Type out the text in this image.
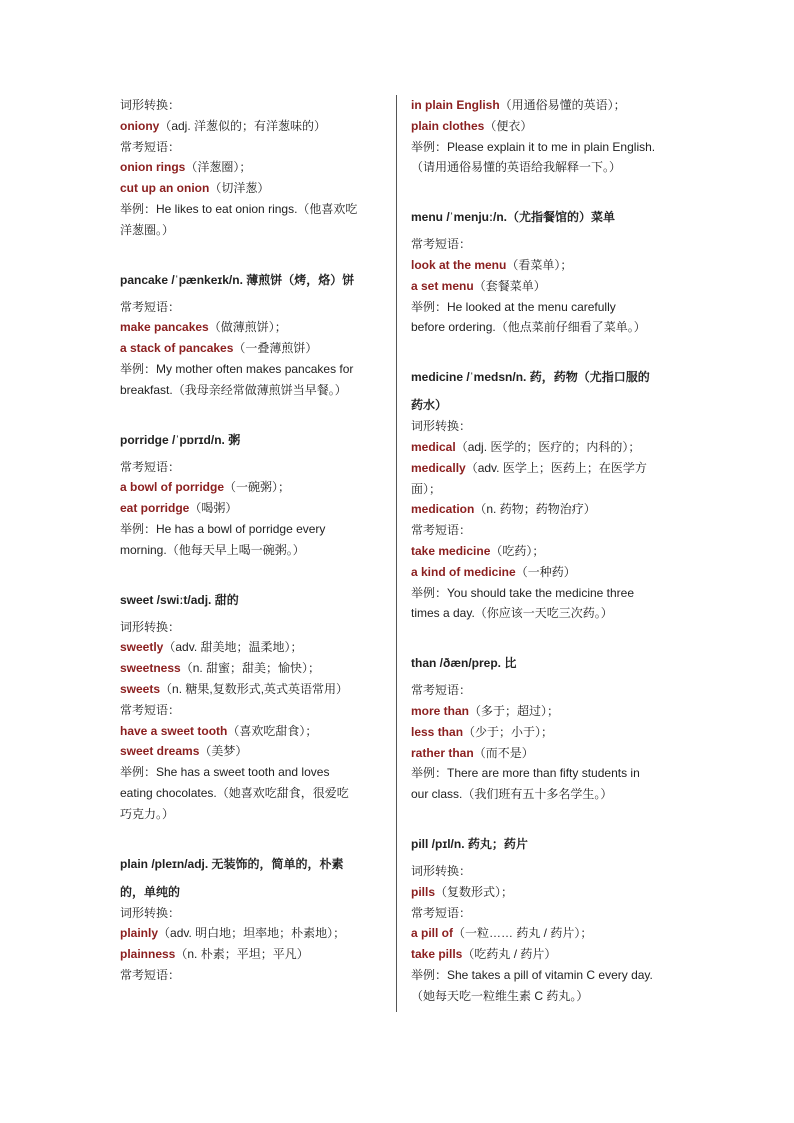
词形转换：
oniony（adj. 洋葱似的；有洋葱味的）
常考短语：
onion rings（洋葱圈）；
cut up an onion（切洋葱）
举例：He likes to eat onion rings.（他喜欢吃
洋葱圈。）
pancake /ˈpænkeɪk/n. 薄煎饼（烤，烙）饼
常考短语：
make pancakes（做薄煎饼）；
a stack of pancakes（一叠薄煎饼）
举例：My mother often makes pancakes for
breakfast.（我母亲经常做薄煎饼当早餐。）
porridge /ˈpɒrɪd/n. 粥
常考短语：
a bowl of porridge（一碗粥）；
eat porridge（喝粥）
举例：He has a bowl of porridge every
morning.（他每天早上喝一碗粥。）
sweet /swiːt/adj. 甜的
词形转换：
sweetly（adv. 甜美地；温柔地）；
sweetness（n. 甜蜜；甜美；愉快）；
sweets（n. 糖果,复数形式,英式英语常用）
常考短语：
have a sweet tooth（喜欢吃甜食）；
sweet dreams（美梦）
举例：She has a sweet tooth and loves
eating chocolates.（她喜欢吃甜食，很爱吃
巧克力。）
plain /pleɪn/adj. 无装饰的，简单的，朴素
的，单纯的
词形转换：
plainly（adv. 明白地；坦率地；朴素地）；
plainness（n. 朴素；平坦；平凡）
常考短语：
in plain English（用通俗易懂的英语）；
plain clothes（便衣）
举例：Please explain it to me in plain English.
（请用通俗易懂的英语给我解释一下。）
menu /ˈmenjuː/n.（尤指餐馆的）菜单
常考短语：
look at the menu（看菜单）；
a set menu（套餐菜单）
举例：He looked at the menu carefully
before ordering.（他点菜前仔细看了菜单。）
medicine /ˈmedsn/n. 药，药物（尤指口服的
药水）
词形转换：
medical（adj. 医学的；医疗的；内科的）；
medically（adv. 医学上；医药上；在医学方
面）；
medication（n. 药物；药物治疗）
常考短语：
take medicine（吃药）；
a kind of medicine（一种药）
举例：You should take the medicine three
times a day.（你应该一天吃三次药。）
than /ðæn/prep. 比
常考短语：
more than（多于；超过）；
less than（少于；小于）；
rather than（而不是）
举例：There are more than fifty students in
our class.（我们班有五十多名学生。）
pill /pɪl/n. 药丸；药片
词形转换：
pills（复数形式）；
常考短语：
a pill of（一粒…… 药丸 / 药片）；
take pills（吃药丸 / 药片）
举例：She takes a pill of vitamin C every day.
（她每天吃一粒维生素 C 药丸。）
